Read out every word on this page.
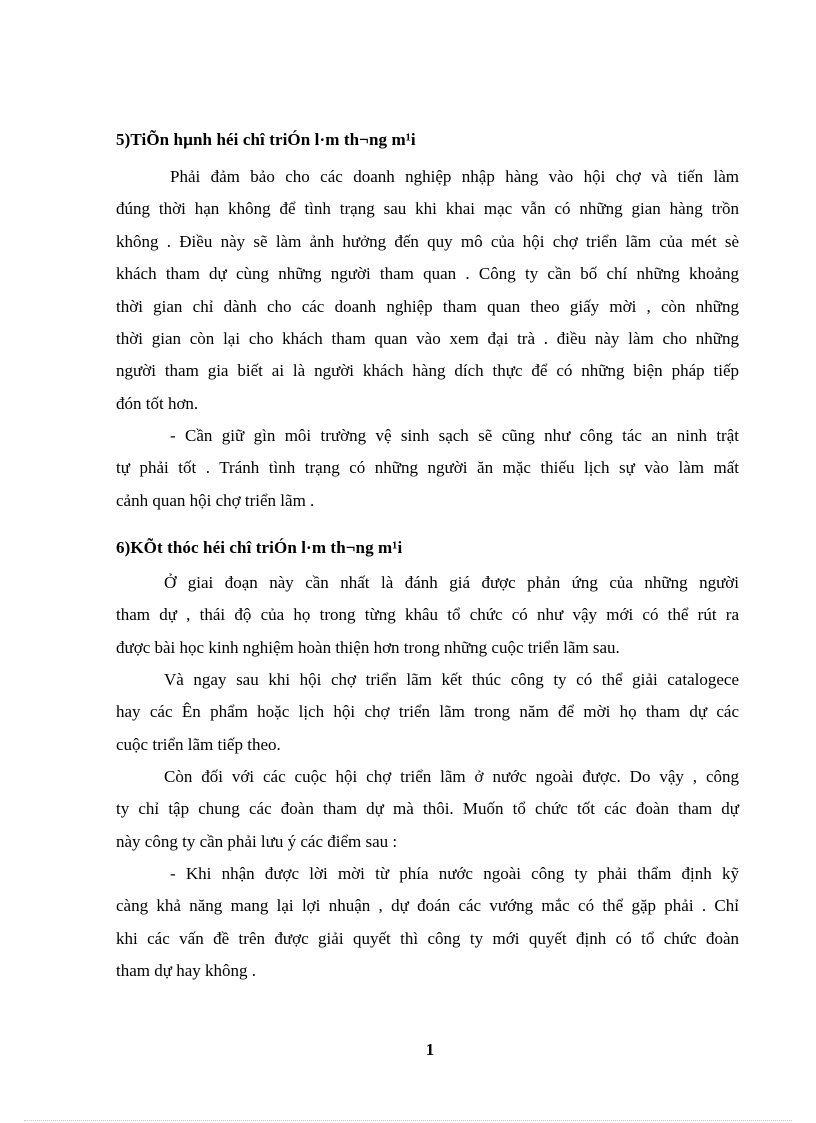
5)TiÕn hµnh héi chî triÓn l·m th¬ng m¹i
Phải đảm bảo cho các doanh nghiệp nhập hàng vào hội chợ và tiến làm
đúng thời hạn không để tình trạng sau khi khai mạc vẫn có những gian hàng trồn
không . Điều này sẽ làm ảnh hưởng đến quy mô của hội chợ triển lãm của mét sè
khách tham dự cùng những người tham quan . Công ty cần bố chí những khoảng
thời gian chỉ dành cho các doanh nghiệp tham quan theo giấy mời , còn những
thời gian còn lại cho khách tham quan vào xem đại trà . điều này làm cho những
người tham gia biết ai là người khách hàng dích thực để có những biện pháp tiếp
đón tốt hơn.
- Cần giữ gìn môi trường vệ sinh sạch sẽ cũng như công tác an ninh trật
tự phải tốt . Tránh tình trạng có những người ăn mặc thiếu lịch sự vào làm mất
cảnh quan hội chợ triển lãm .
6)KÕt thóc héi chî triÓn l·m th¬ng m¹i
Ở giai đoạn này cần nhất là đánh giá được phản ứng của những người
tham dự , thái độ của họ trong từng khâu tổ chức có như vậy mới có thể rút ra
được bài học kinh nghiệm hoàn thiện hơn trong những cuộc triển lãm sau.
Và ngay sau khi hội chợ triển lãm kết thúc công ty có thể giải catalogece
hay các Ên phẩm hoặc lịch hội chợ triển lãm trong năm để mời họ tham dự các
cuộc triển lãm tiếp theo.
Còn đối với các cuộc hội chợ triển lãm ở nước ngoài được. Do vậy , công
ty chỉ tập chung các đoàn tham dự mà thôi. Muốn tổ chức tốt các đoàn tham dự
này công ty cần phải lưu ý các điểm sau :
- Khi nhận được lời mời từ phía nước ngoài công ty phải thẩm định kỹ
càng khả năng mang lại lợi nhuận , dự đoán các vướng mắc có thể gặp phải . Chỉ
khi các vấn đề trên được giải quyết thì công ty mới quyết định có tổ chức đoàn
tham dự hay không .
1
